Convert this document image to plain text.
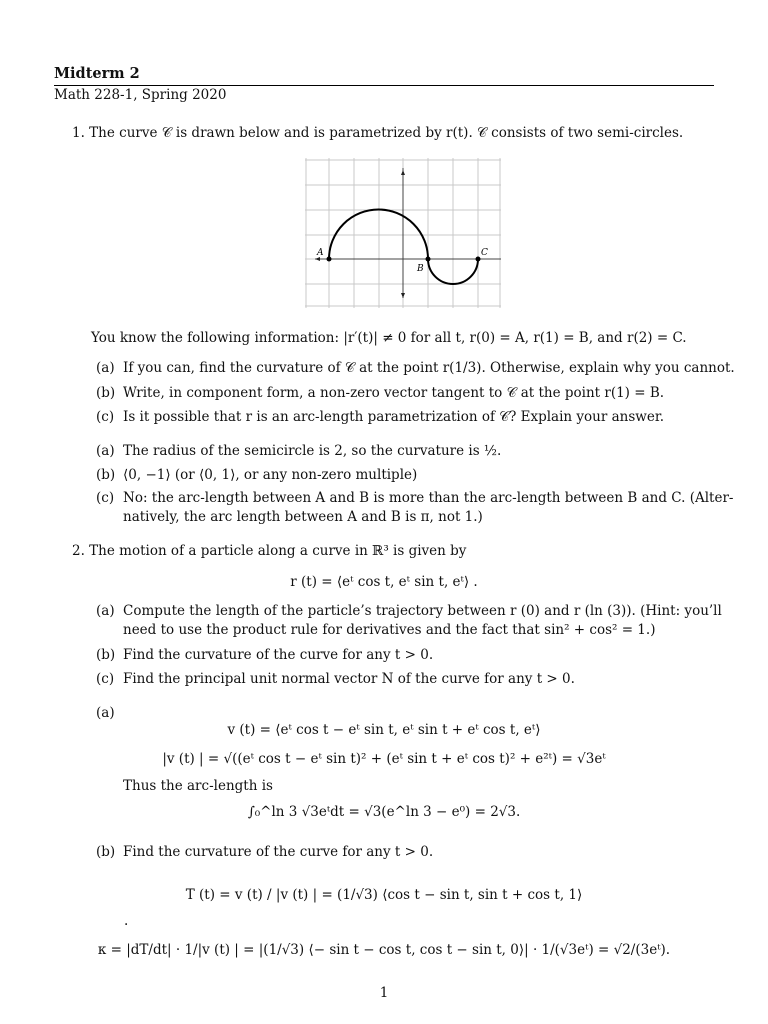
Midterm 2
Math 228-1, Spring 2020
1. The curve 𝒞 is drawn below and is parametrized by r(t). 𝒞 consists of two semi-circles.
A
B
C
You know the following information: |r′(t)| ≠ 0 for all t, r(0) = A, r(1) = B, and r(2) = C.
(a) If you can, find the curvature of 𝒞 at the point r(1/3). Otherwise, explain why you cannot.
(b) Write, in component form, a non-zero vector tangent to 𝒞 at the point r(1) = B.
(c) Is it possible that r is an arc-length parametrization of 𝒞? Explain your answer.
(a) The radius of the semicircle is 2, so the curvature is ½.
(b) ⟨0, −1⟩ (or ⟨0, 1⟩, or any non-zero multiple)
(c) No: the arc-length between A and B is more than the arc-length between B and C. (Alter-
natively, the arc length between A and B is π, not 1.)
2. The motion of a particle along a curve in ℝ³ is given by
r (t) = ⟨eᵗ cos t, eᵗ sin t, eᵗ⟩ .
(a) Compute the length of the particle’s trajectory between r (0) and r (ln (3)). (Hint: you’ll
need to use the product rule for derivatives and the fact that sin² + cos² = 1.)
(b) Find the curvature of the curve for any t > 0.
(c) Find the principal unit normal vector N of the curve for any t > 0.
(a)
v (t) = ⟨eᵗ cos t − eᵗ sin t, eᵗ sin t + eᵗ cos t, eᵗ⟩
|v (t) | = √((eᵗ cos t − eᵗ sin t)² + (eᵗ sin t + eᵗ cos t)² + e²ᵗ) = √3eᵗ
Thus the arc-length is
∫₀^ln 3 √3eᵗdt = √3(e^ln 3 − e⁰) = 2√3.
(b) Find the curvature of the curve for any t > 0.
T (t) = v (t) / |v (t) | = (1/√3) ⟨cos t − sin t, sin t + cos t, 1⟩
.
κ = |dT/dt| · 1/|v (t) | = |(1/√3) ⟨− sin t − cos t, cos t − sin t, 0⟩| · 1/(√3eᵗ) = √2/(3eᵗ).
1
